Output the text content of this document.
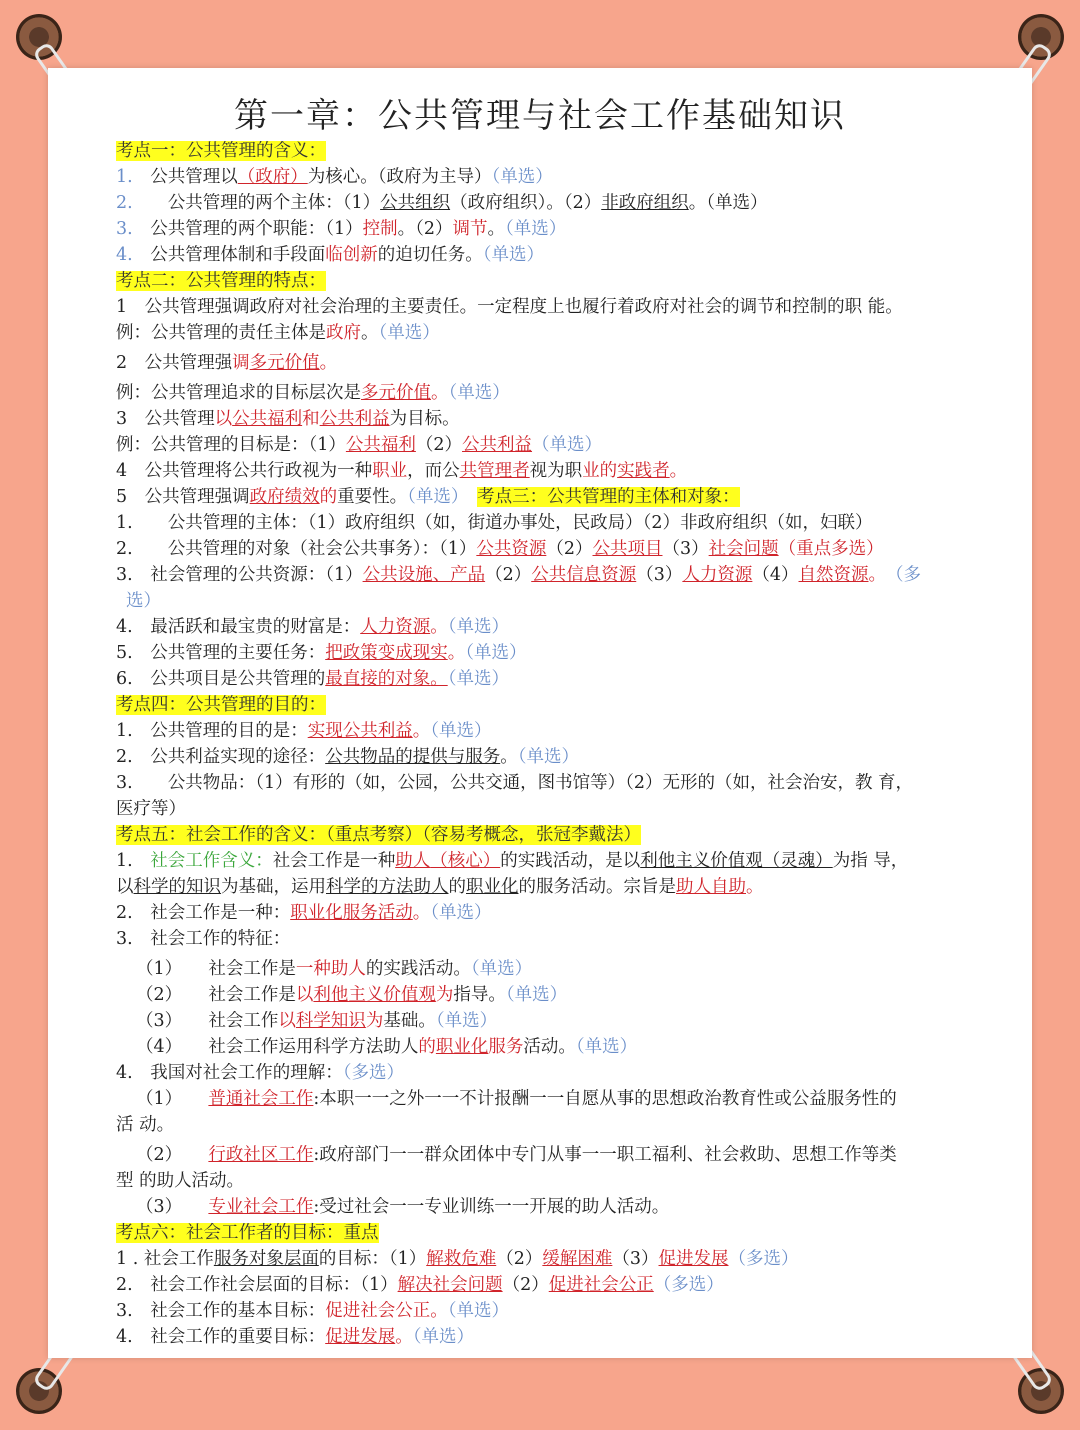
第一章：公共管理与社会工作基础知识
考点一：公共管理的含义：
1.　 公共管理以（政府）为核心。（政府为主导）（单选）
2.　　 公共管理的两个主体：（1）公共组织（政府组织）。（2）非政府组织。（单选）
3.　 公共管理的两个职能：（1）控制。（2）调节。（单选）
4.　 公共管理体制和手段面临创新的迫切任务。（单选）
考点二：公共管理的特点：
1　公共管理强调政府对社会治理的主要责任。一定程度上也履行着政府对社会的调节和控制的职 能。
例：公共管理的责任主体是政府。（单选）
2　公共管理强调多元价值。
例：公共管理追求的目标层次是多元价值。（单选）
3　公共管理以公共福利和公共利益为目标。
例：公共管理的目标是：（1）公共福利（2）公共利益（单选）
4　公共管理将公共行政视为一种职业，而公共管理者视为职业的实践者。
5　公共管理强调政府绩效的重要性。（单选）　 考点三：公共管理的主体和对象：
1.　　公共管理的主体：（1）政府组织（如，街道办事处，民政局）（2）非政府组织（如，妇联）
2.　　公共管理的对象（社会公共事务）：（1）公共资源（2）公共项目（3）社会问题（重点多选）
3.　社会管理的公共资源：（1）公共设施、产品（2）公共信息资源（3）人力资源（4）自然资源。　 （多
选）
4.　最活跃和最宝贵的财富是：人力资源。（单选）
5.　公共管理的主要任务：把政策变成现实。（单选）
6.　公共项目是公共管理的最直接的对象。（单选）
考点四：公共管理的目的：
1.　 公共管理的目的是：实现公共利益。（单选）
2.　 公共利益实现的途径：公共物品的提供与服务。（单选）
3.　　公共物品：（1）有形的（如，公园，公共交通，图书馆等）（2）无形的（如，社会治安，教 育，
医疗等）
考点五：社会工作的含义：（重点考察）（容易考概念，张冠李戴法）
1.　 社会工作含义：社会工作是一种助人（核心）的实践活动，是以利他主义价值观（灵魂）为指 导，
以科学的知识为基础，运用科学的方法助人的职业化的服务活动。宗旨是助人自助。
2.　社会工作是一种：职业化服务活动。（单选）
3.　社会工作的特征：
（1）　　社会工作是一种助人的实践活动。（单选）
（2）　　社会工作是以利他主义价值观为指导。（单选）
（3）　　社会工作以科学知识为基础。（单选）
（4）　　社会工作运用科学方法助人的职业化服务活动。（单选）
4.　我国对社会工作的理解：（多选）
（1）　　普通社会工作:本职一一之外一一不计报酬一一自愿从事的思想政治教育性或公益服务性的
活 动。
（2）　　行政社区工作:政府部门一一群众团体中专门从事一一职工福利、社会救助、思想工作等类
型 的助人活动。
（3）　　专业社会工作:受过社会一一专业训练一一开展的助人活动。
考点六：社会工作者的目标：重点
1 . 社会工作服务对象层面的目标：（1）解救危难（2）缓解困难（3）促进发展（多选）
2.　社会工作社会层面的目标：（1）解决社会问题（2）促进社会公正（多选）
3.　社会工作的基本目标：促进社会公正。（单选）
4.　社会工作的重要目标：促进发展。（单选）
